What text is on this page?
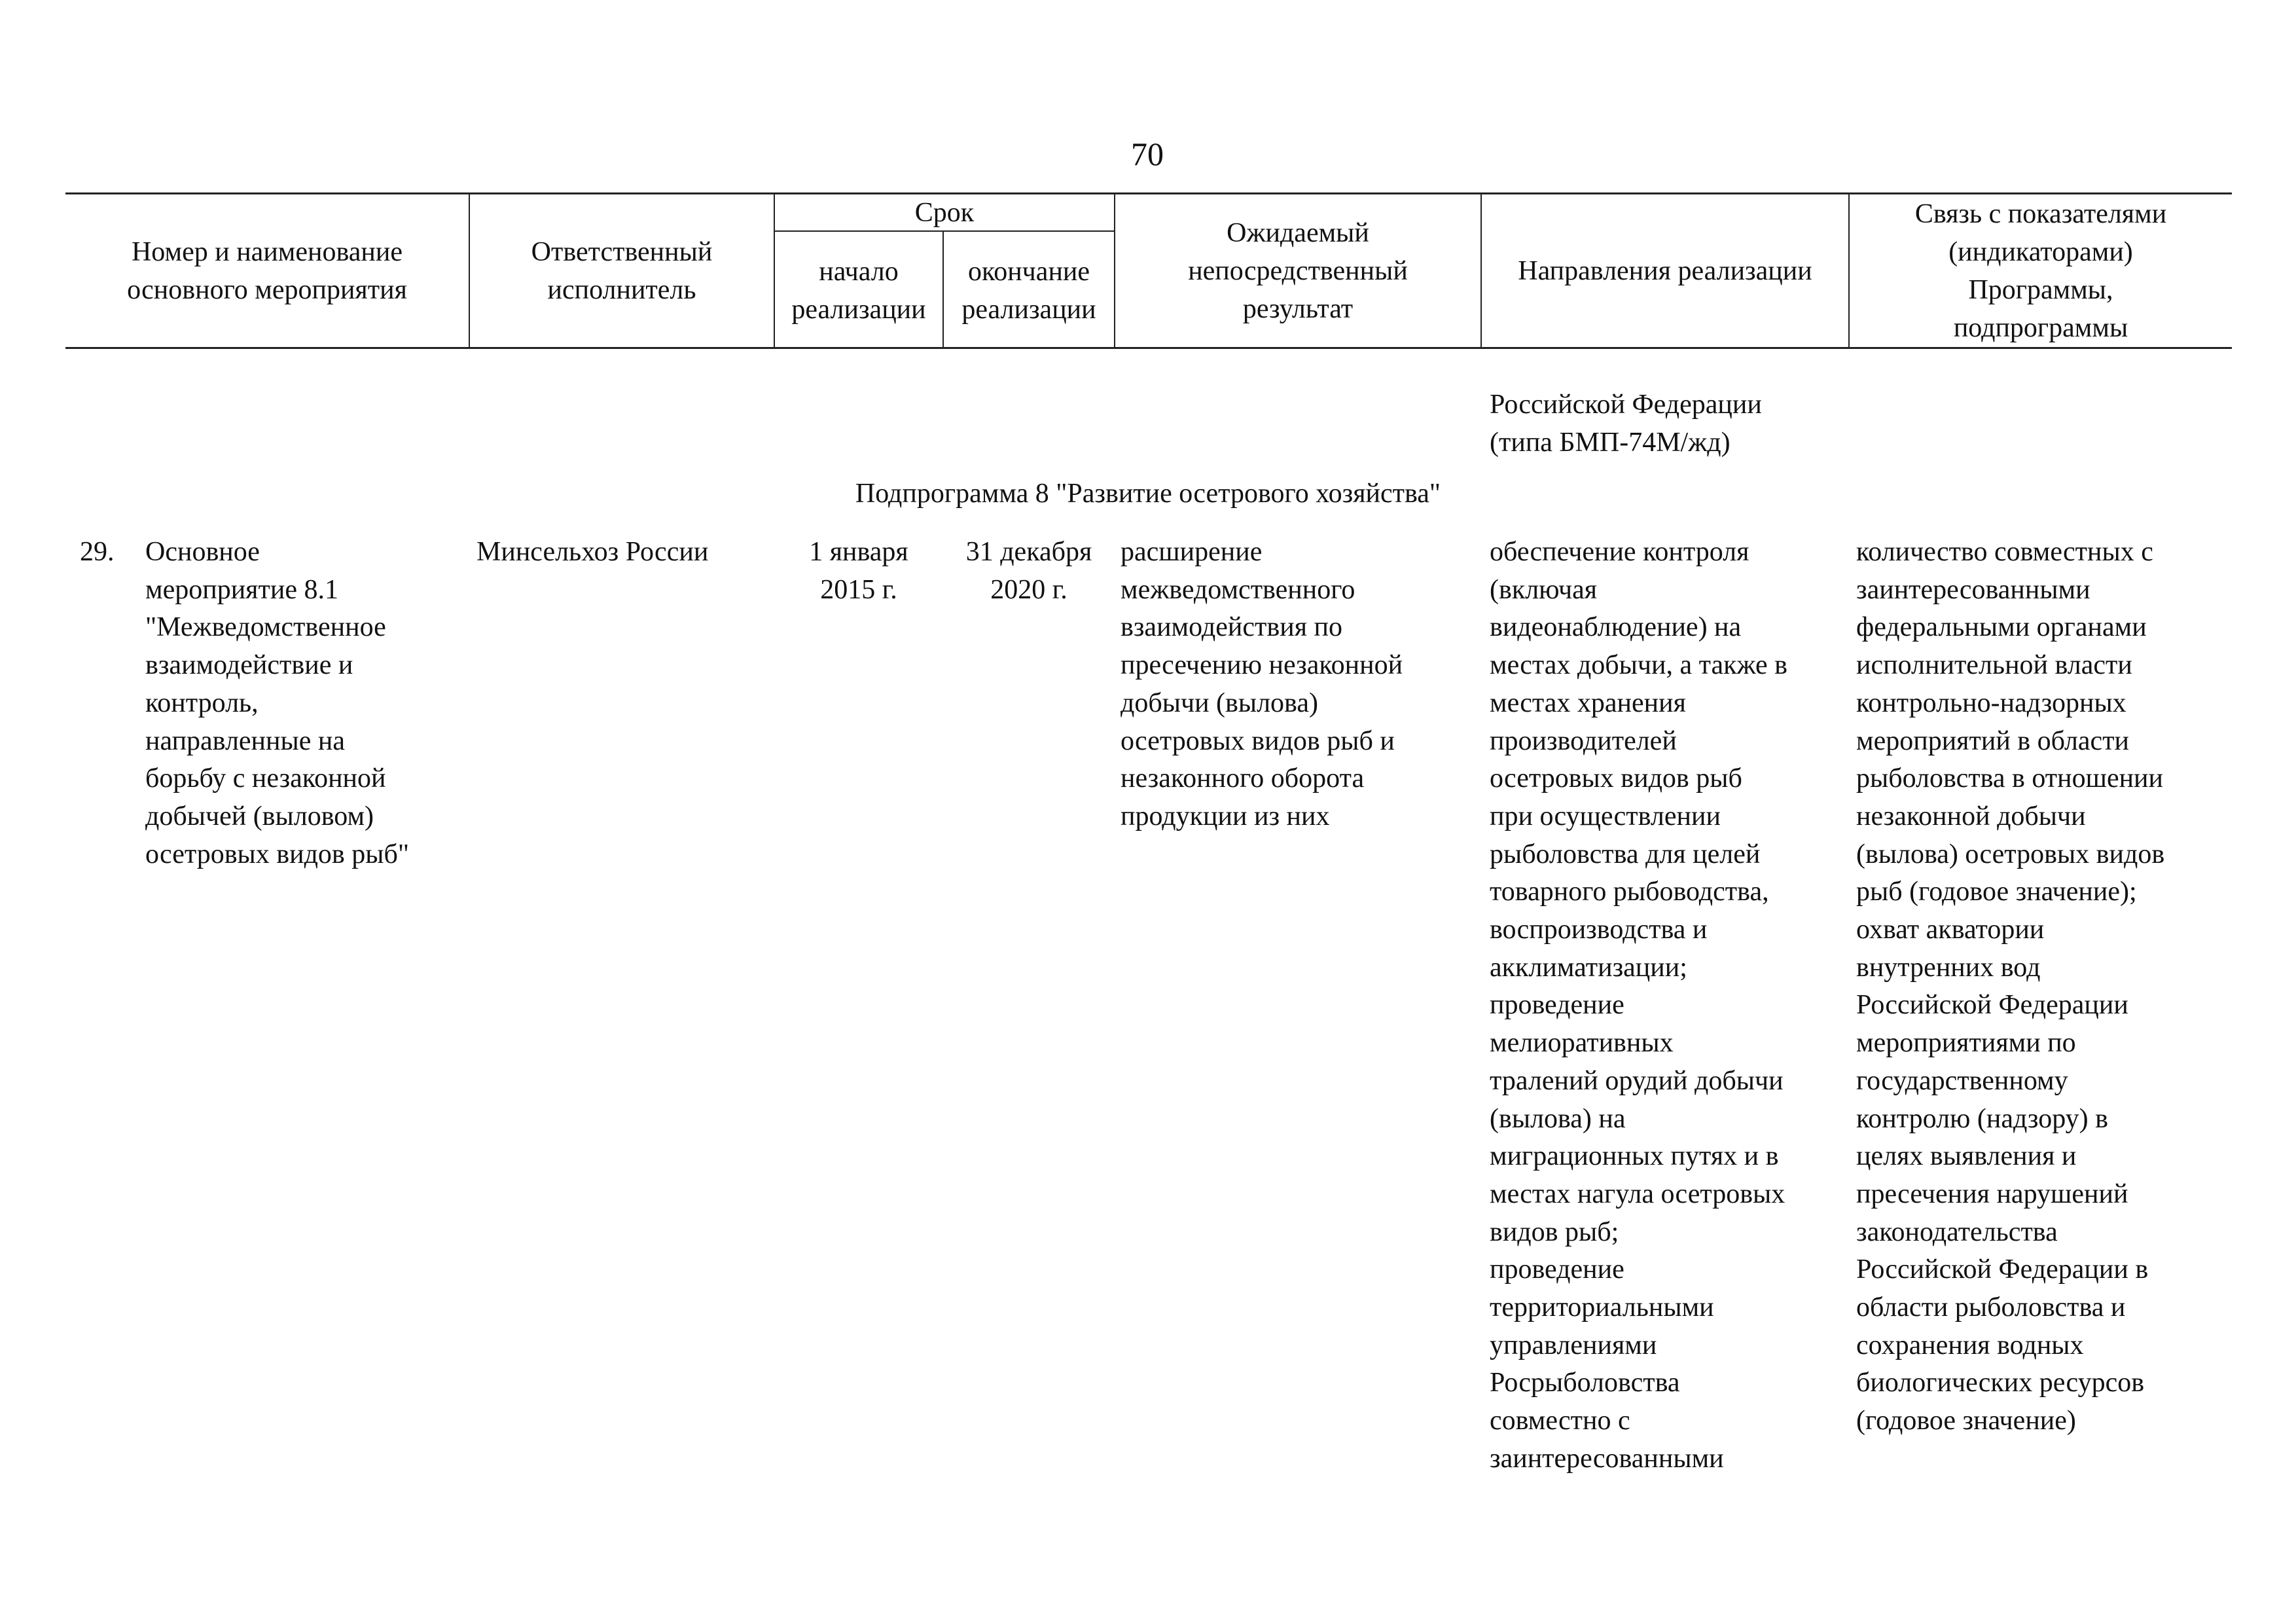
70
Номер и наименование
основного мероприятия
Ответственный
исполнитель
Срок
начало
реализации
окончание
реализации
Ожидаемый
непосредственный
результат
Направления реализации
Связь с показателями
(индикаторами)
Программы,
подпрограммы
Российской Федерации
(типа БМП-74М/жд)
Подпрограмма 8 "Развитие осетрового хозяйства"
29.	Основное
мероприятие 8.1
"Межведомственное
взаимодействие и
контроль,
направленные на
борьбу с незаконной
добычей (выловом)
осетровых видов рыб"
Минсельхоз России	1 января
2015 г.
31 декабря
2020 г.
расширение
межведомственного
взаимодействия по
пресечению незаконной
добычи (вылова)
осетровых видов рыб и
незаконного оборота
продукции из них
обеспечение контроля
(включая
видеонаблюдение) на
местах добычи, а также в
местах хранения
производителей
осетровых видов рыб
при осуществлении
рыболовства для целей
товарного рыбоводства,
воспроизводства и
акклиматизации;
проведение
мелиоративных
тралений орудий добычи
(вылова) на
миграционных путях и в
местах нагула осетровых
видов рыб;
проведение
территориальными
управлениями
Росрыболовства
совместно с
заинтересованными
количество совместных с
заинтересованными
федеральными органами
исполнительной власти
контрольно-надзорных
мероприятий в области
рыболовства в отношении
незаконной добычи
(вылова) осетровых видов
рыб (годовое значение);
охват акватории
внутренних вод
Российской Федерации
мероприятиями по
государственному
контролю (надзору) в
целях выявления и
пресечения нарушений
законодательства
Российской Федерации в
области рыболовства и
сохранения водных
биологических ресурсов
(годовое значение)
